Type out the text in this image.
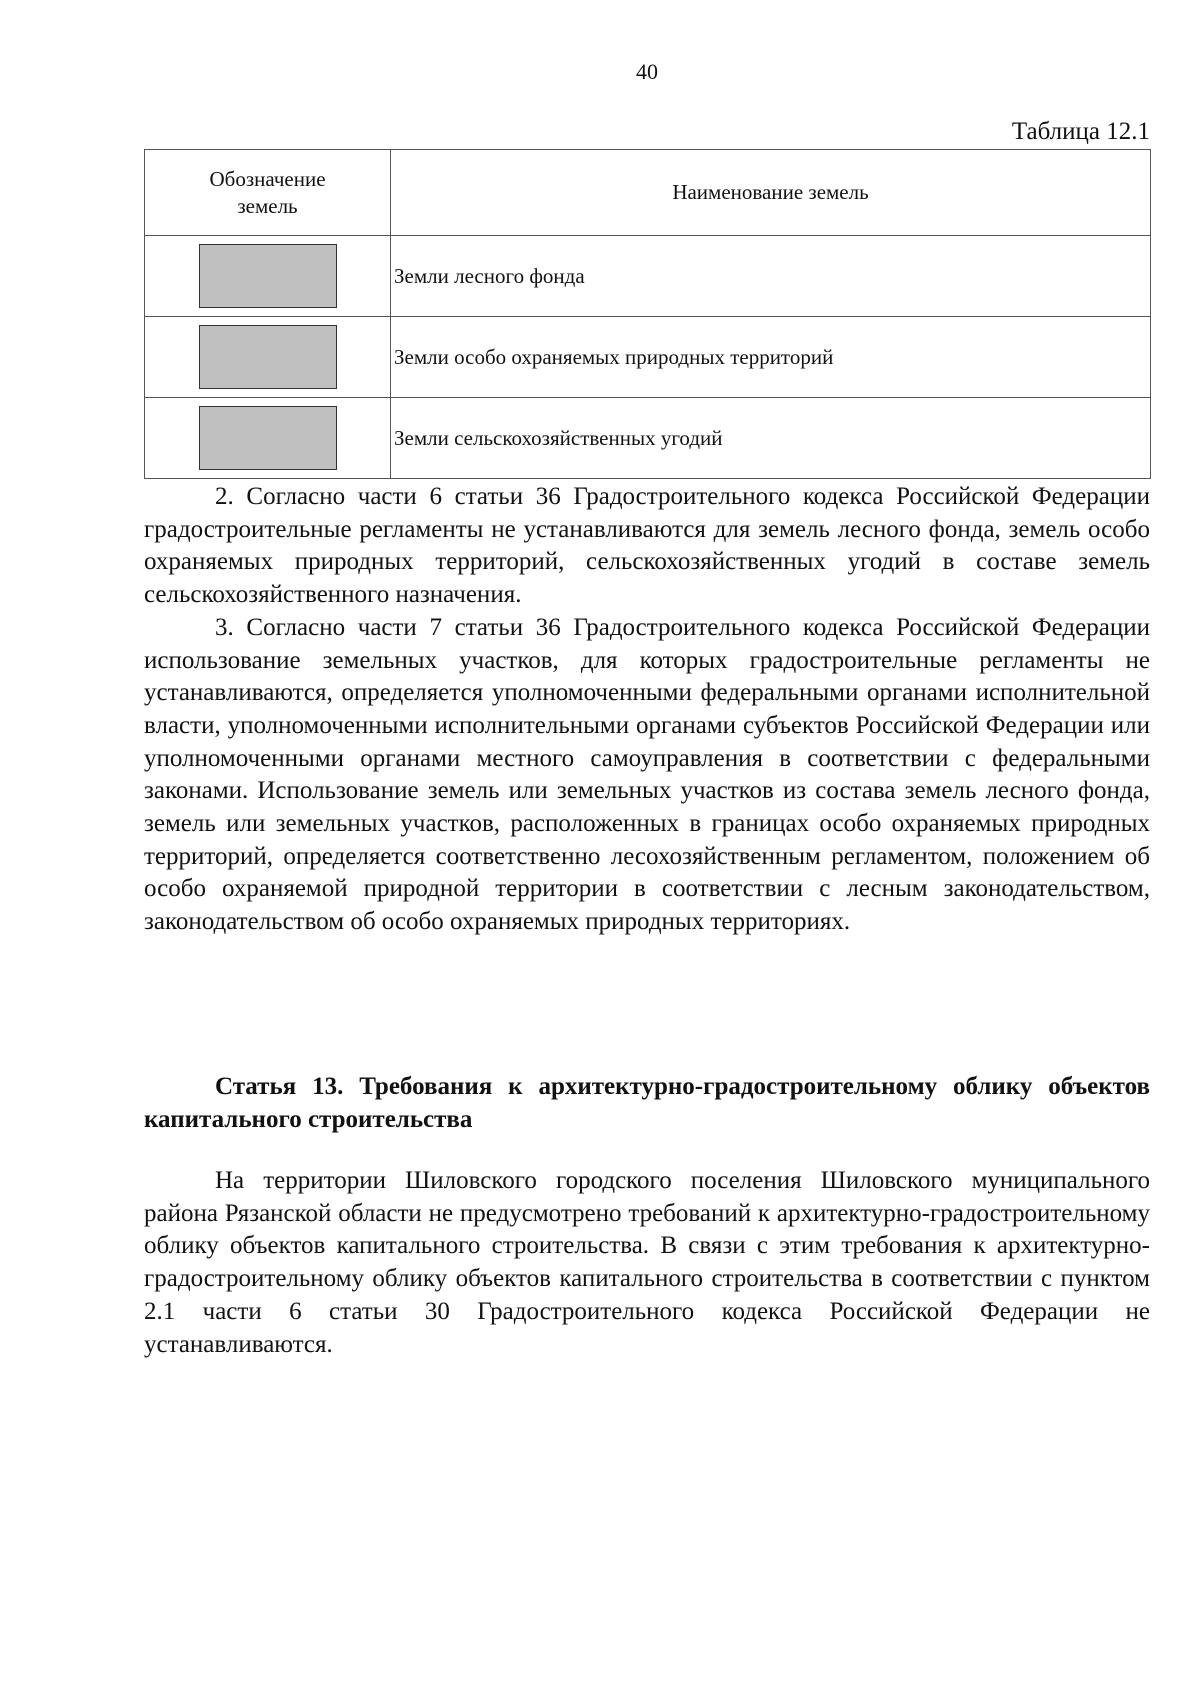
40
Таблица 12.1
Обозначение земель	Наименование земель
	Земли лесного фонда
	Земли особо охраняемых природных территорий
	Земли сельскохозяйственных угодий

2. Согласно части 6 статьи 36 Градостроительного кодекса Российской Федерации градостроительные регламенты не устанавливаются для земель лесного фонда, земель особо охраняемых природных территорий, сельскохозяйственных угодий в составе земель сельскохозяйственного назначения.

3. Согласно части 7 статьи 36 Градостроительного кодекса Российской Федерации использование земельных участков, для которых градостроительные регламенты не устанавливаются, определяется уполномоченными федеральными органами исполнительной власти, уполномоченными исполнительными органами субъектов Российской Федерации или уполномоченными органами местного самоуправления в соответствии с федеральными законами. Использование земель или земельных участков из состава земель лесного фонда, земель или земельных участков, расположенных в границах особо охраняемых природных территорий, определяется соответственно лесохозяйственным регламентом, положением об особо охраняемой природной территории в соответствии с лесным законодательством, законодательством об особо охраняемых природных территориях.

Статья 13. Требования к архитектурно-градостроительному облику объектов капитального строительства

На территории Шиловского городского поселения Шиловского муниципального района Рязанской области не предусмотрено требований к архитектурно-градостроительному облику объектов капитального строительства. В связи с этим требования к архитектурно-градостроительному облику объектов капитального строительства в соответствии с пунктом 2.1 части 6 статьи 30 Градостроительного кодекса Российской Федерации не устанавливаются.
